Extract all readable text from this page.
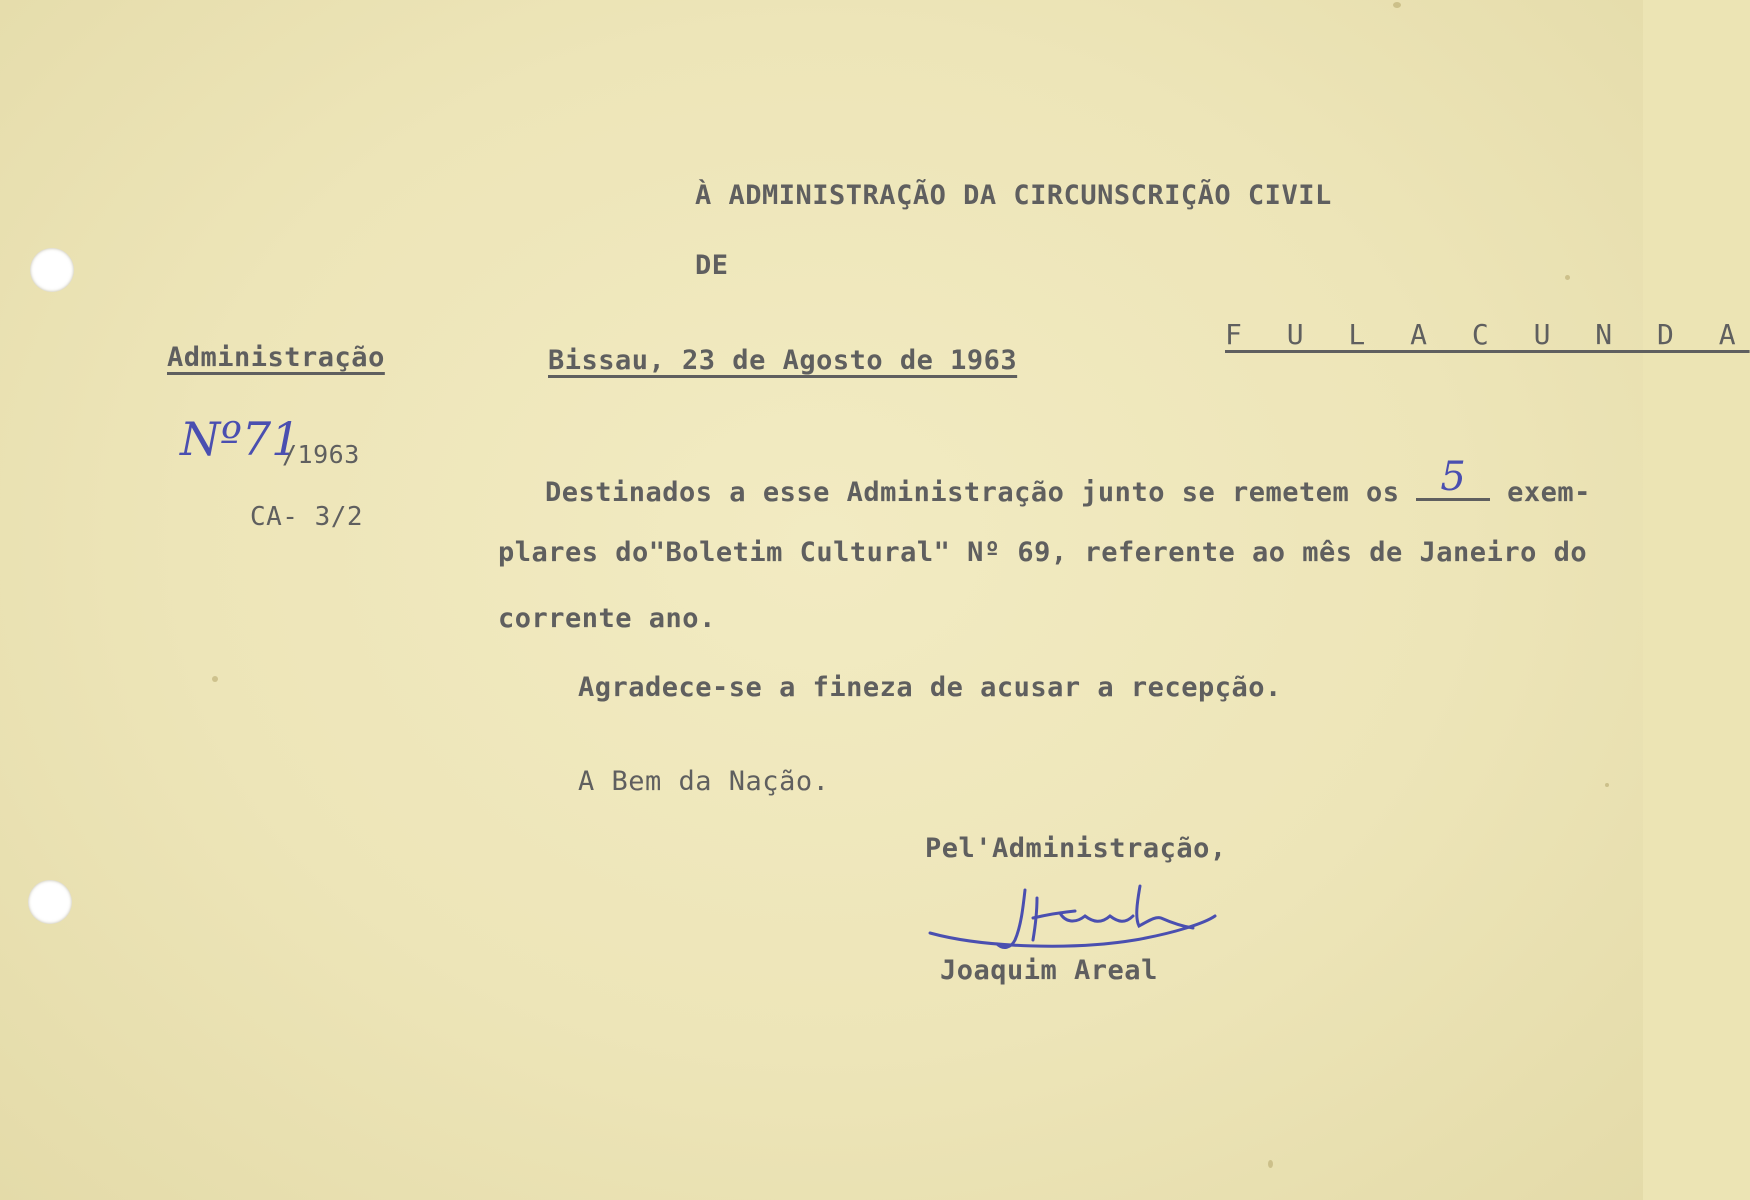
À ADMINISTRAÇÃO DA CIRCUNSCRIÇÃO CIVIL

DE

F U L A C U N D A

Administração

Nº71

/1963

CA- 3/2

Bissau, 23 de Agosto de 1963

Destinados a esse Administração junto se remetem os	5	exem-

plares do"Boletim Cultural" Nº 69, referente ao mês de Janeiro do

corrente ano.

Agradece-se a fineza de acusar a recepção.

A Bem da Nação.

Pel'Administração,

Joaquim Areal
